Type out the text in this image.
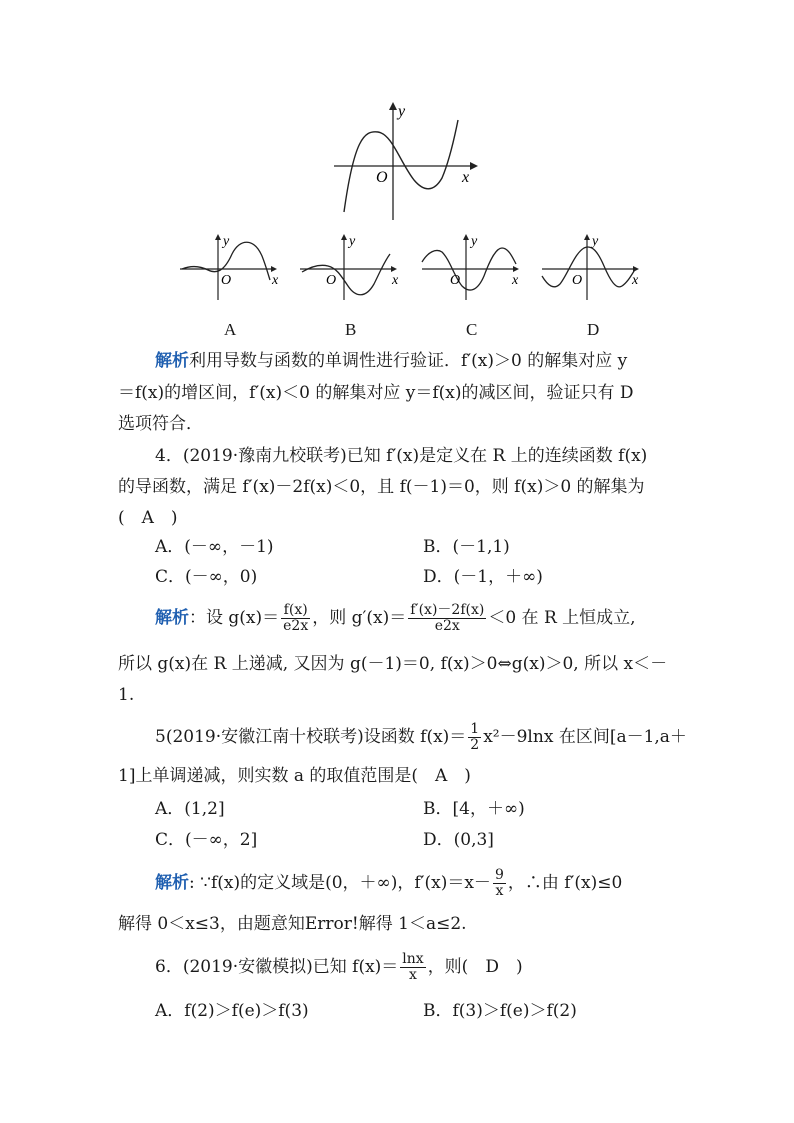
y
x
O
y
x
O
y
x
O
y
x
O
y
x
O
A	B	C	D
解析利用导数与函数的单调性进行验证．f′(x)＞0 的解集对应 y
＝f(x)的增区间，f′(x)＜0 的解集对应 y＝f(x)的减区间，验证只有 D
选项符合．
4．(2019·豫南九校联考)已知 f′(x)是定义在 R 上的连续函数 f(x)
的导函数，满足 f′(x)－2f(x)＜0，且 f(－1)＝0，则 f(x)＞0 的解集为
(　A　)
A．(－∞，－1)	B．(－1,1)
C．(－∞，0)	D．(－1，＋∞)
解析：设 $g(x)= \frac{f(x)}{e2x}$ ，则 $g'(x)= \frac{f'(x)-2f(x)}{e2x} <0$ 在 R 上恒成立,
所以 g(x)在 R 上递减, 又因为 g(－1)＝0, f(x)＞0⇔g(x)＞0, 所以 x＜－
1.
5(2019·安徽江南十校联考)设函数 $f(x)= \frac{1}{2} x^2-9\ln x$ 在区间[a－1,a＋
1]上单调递减，则实数 a 的取值范围是(　A　)
A．(1,2]	B．[4，＋∞)
C．(－∞，2]	D．(0,3]
解析: ∵f(x)的定义域是(0，＋∞)，$f'(x)=x- \frac{9}{x}$ ，∴由 f′(x)≤0
解得 0＜x≤3，由题意知Error!解得 1＜a≤2.
6．(2019·安徽模拟)已知 $f(x)= \frac{\ln x}{x}$ ，则(　D　)
A．f(2)＞f(e)＞f(3)	B．f(3)＞f(e)＞f(2)
